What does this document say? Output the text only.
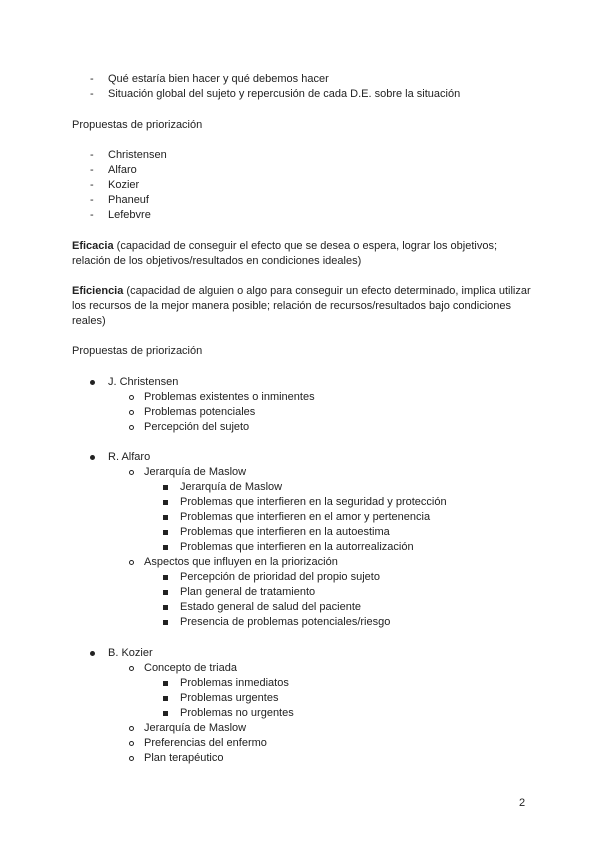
- Qué estaría bien hacer y qué debemos hacer
- Situación global del sujeto y repercusión de cada D.E. sobre la situación
Propuestas de priorización
- Christensen
- Alfaro
- Kozier
- Phaneuf
- Lefebvre
Eficacia (capacidad de conseguir el efecto que se desea o espera, lograr los objetivos; relación de los objetivos/resultados en condiciones ideales)
Eficiencia (capacidad de alguien o algo para conseguir un efecto determinado, implica utilizar los recursos de la mejor manera posible; relación de recursos/resultados bajo condiciones reales)
Propuestas de priorización
J. Christensen
Problemas existentes o inminentes
Problemas potenciales
Percepción del sujeto
R. Alfaro
Jerarquía de Maslow
Jerarquía de Maslow
Problemas que interfieren en la seguridad y protección
Problemas que interfieren en el amor y pertenencia
Problemas que interfieren en la autoestima
Problemas que interfieren en la autorrealización
Aspectos que influyen en la priorización
Percepción de prioridad del propio sujeto
Plan general de tratamiento
Estado general de salud del paciente
Presencia de problemas potenciales/riesgo
B. Kozier
Concepto de triada
Problemas inmediatos
Problemas urgentes
Problemas no urgentes
Jerarquía de Maslow
Preferencias del enfermo
Plan terapéutico
2
